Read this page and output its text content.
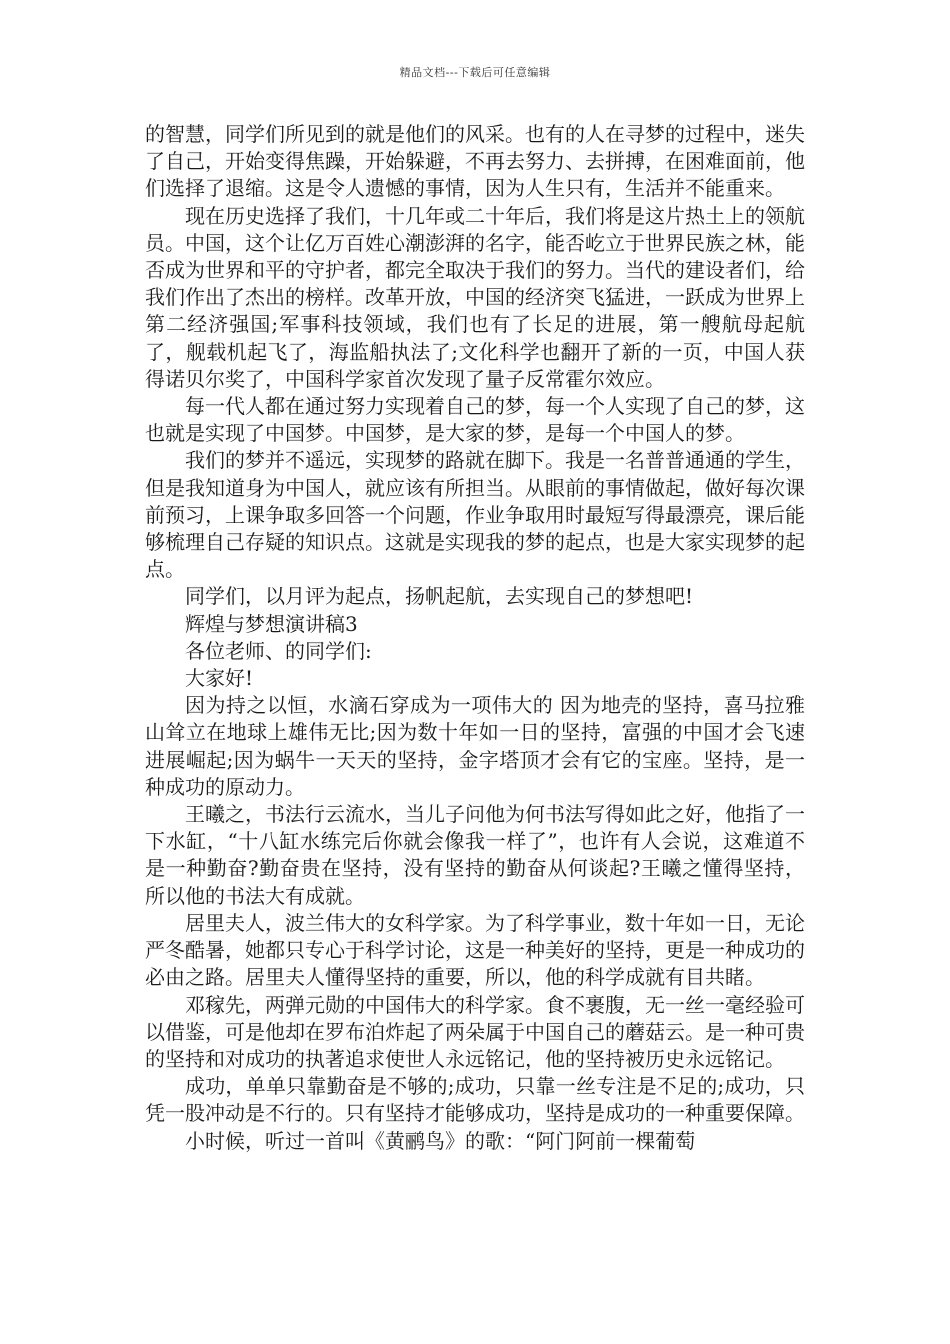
精品文档---下载后可任意编辑

的智慧，同学们所见到的就是他们的风采。也有的人在寻梦的过程中，迷失了自己，开始变得焦躁，开始躲避，不再去努力、去拼搏，在困难面前，他们选择了退缩。这是令人遗憾的事情，因为人生只有，生活并不能重来。

现在历史选择了我们，十几年或二十年后，我们将是这片热土上的领航员。中国，这个让亿万百姓心潮澎湃的名字，能否屹立于世界民族之林，能否成为世界和平的守护者，都完全取决于我们的努力。当代的建设者们，给我们作出了杰出的榜样。改革开放，中国的经济突飞猛进，一跃成为世界上第二经济强国;军事科技领域，我们也有了长足的进展，第一艘航母起航了，舰载机起飞了，海监船执法了;文化科学也翻开了新的一页，中国人获得诺贝尔奖了，中国科学家首次发现了量子反常霍尔效应。

每一代人都在通过努力实现着自己的梦，每一个人实现了自己的梦，这也就是实现了中国梦。中国梦，是大家的梦，是每一个中国人的梦。

我们的梦并不遥远，实现梦的路就在脚下。我是一名普普通通的学生，但是我知道身为中国人，就应该有所担当。从眼前的事情做起，做好每次课前预习，上课争取多回答一个问题，作业争取用时最短写得最漂亮，课后能够梳理自己存疑的知识点。这就是实现我的梦的起点，也是大家实现梦的起点。

同学们，以月评为起点，扬帆起航，去实现自己的梦想吧!

辉煌与梦想演讲稿3

各位老师、的同学们:

大家好!

因为持之以恒，水滴石穿成为一项伟大的 因为地壳的坚持，喜马拉雅山耸立在地球上雄伟无比;因为数十年如一日的坚持，富强的中国才会飞速进展崛起;因为蜗牛一天天的坚持，金字塔顶才会有它的宝座。坚持，是一种成功的原动力。

王曦之，书法行云流水，当儿子问他为何书法写得如此之好，他指了一下水缸，“十八缸水练完后你就会像我一样了”，也许有人会说，这难道不是一种勤奋?勤奋贵在坚持，没有坚持的勤奋从何谈起?王曦之懂得坚持，所以他的书法大有成就。

居里夫人，波兰伟大的女科学家。为了科学事业，数十年如一日，无论严冬酷暑，她都只专心于科学讨论，这是一种美好的坚持，更是一种成功的必由之路。居里夫人懂得坚持的重要，所以，他的科学成就有目共睹。

邓稼先，两弹元勋的中国伟大的科学家。食不裹腹，无一丝一毫经验可以借鉴，可是他却在罗布泊炸起了两朵属于中国自己的蘑菇云。是一种可贵的坚持和对成功的执著追求使世人永远铭记，他的坚持被历史永远铭记。

成功，单单只靠勤奋是不够的;成功，只靠一丝专注是不足的;成功，只凭一股冲动是不行的。只有坚持才能够成功，坚持是成功的一种重要保障。

小时候，听过一首叫《黄鹂鸟》的歌：“阿门阿前一棵葡萄
